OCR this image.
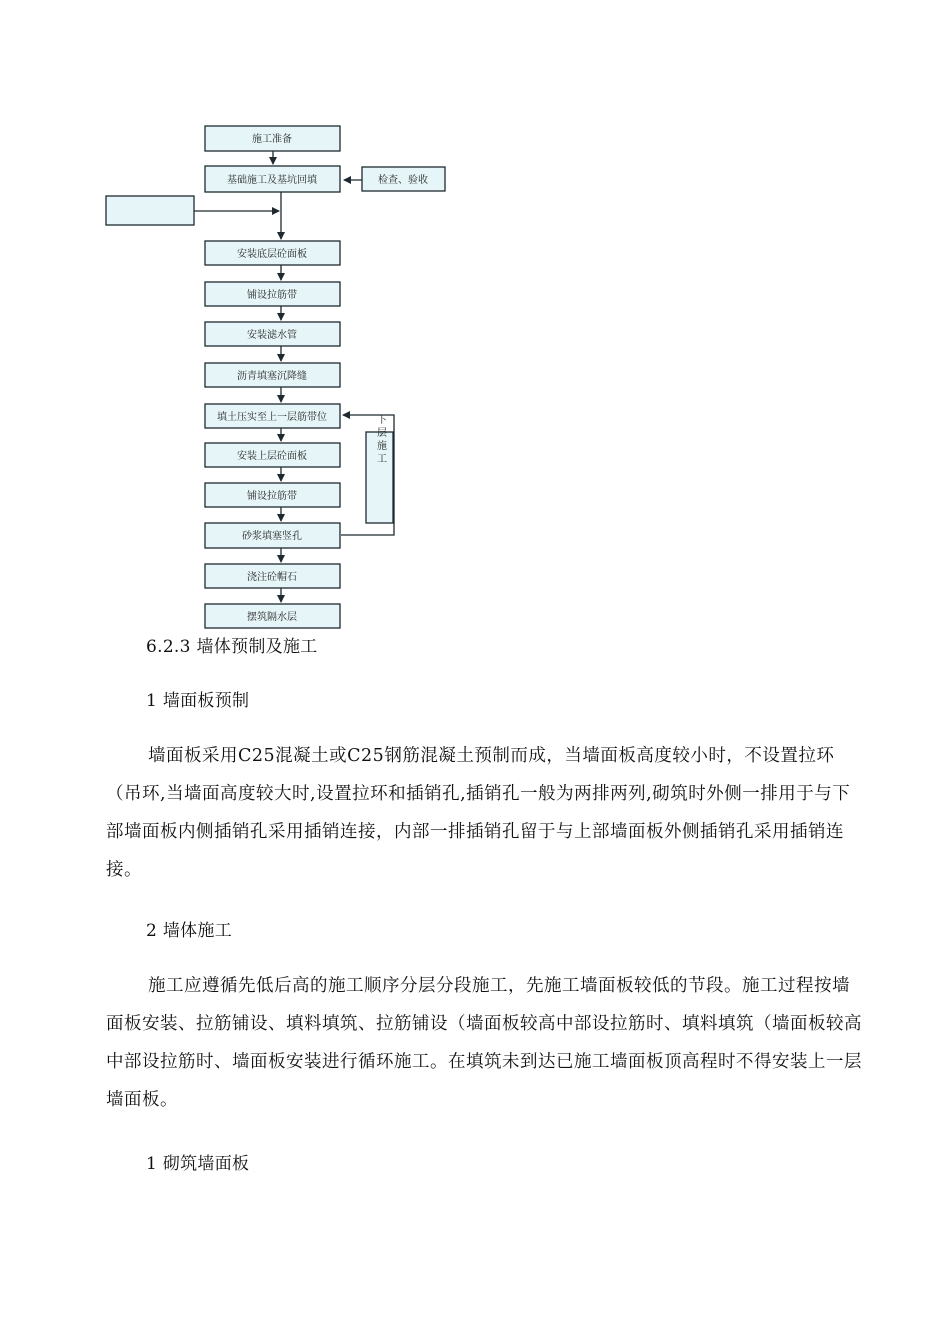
施工准备
基础施工及基坑回填
安装底层砼面板
铺设拉筋带
安装滤水管
沥青填塞沉降缝
填土压实至上一层筋带位
安装上层砼面板
铺设拉筋带
砂浆填塞竖孔
浇注砼帽石
摆筑隔水层
检查、验收
下层施工
6.2.3 墙体预制及施工
1 墙面板预制
墙面板采用C25混凝土或C25钢筋混凝土预制而成，当墙面板高度较小时，不设置拉环（吊环,当墙面高度较大时,设置拉环和插销孔,插销孔一般为两排两列,砌筑时外侧一排用于与下部墙面板内侧插销孔采用插销连接，内部一排插销孔留于与上部墙面板外侧插销孔采用插销连接。
2 墙体施工
施工应遵循先低后高的施工顺序分层分段施工，先施工墙面板较低的节段。施工过程按墙面板安装、拉筋铺设、填料填筑、拉筋铺设（墙面板较高中部设拉筋时、填料填筑（墙面板较高中部设拉筋时、墙面板安装进行循环施工。在填筑未到达已施工墙面板顶高程时不得安装上一层墙面板。
1 砌筑墙面板
